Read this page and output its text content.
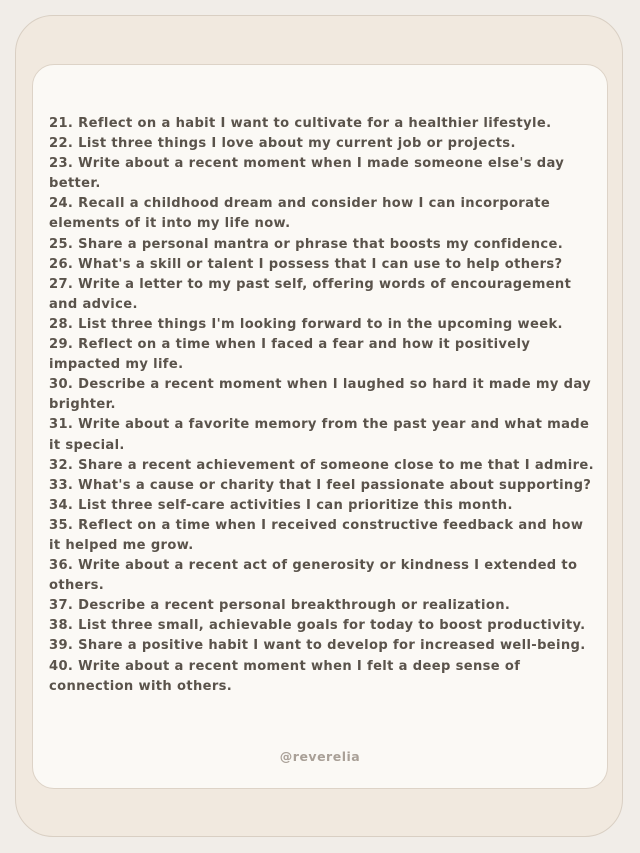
21. Reflect on a habit I want to cultivate for a healthier lifestyle.
22. List three things I love about my current job or projects.
23. Write about a recent moment when I made someone else's day better.
24. Recall a childhood dream and consider how I can incorporate elements of it into my life now.
25. Share a personal mantra or phrase that boosts my confidence.
26. What's a skill or talent I possess that I can use to help others?
27. Write a letter to my past self, offering words of encouragement and advice.
28. List three things I'm looking forward to in the upcoming week.
29. Reflect on a time when I faced a fear and how it positively impacted my life.
30. Describe a recent moment when I laughed so hard it made my day brighter.
31. Write about a favorite memory from the past year and what made it special.
32. Share a recent achievement of someone close to me that I admire.
33. What's a cause or charity that I feel passionate about supporting?
34. List three self-care activities I can prioritize this month.
35. Reflect on a time when I received constructive feedback and how it helped me grow.
36. Write about a recent act of generosity or kindness I extended to others.
37. Describe a recent personal breakthrough or realization.
38. List three small, achievable goals for today to boost productivity.
39. Share a positive habit I want to develop for increased well-being.
40. Write about a recent moment when I felt a deep sense of connection with others.
@reverelia
